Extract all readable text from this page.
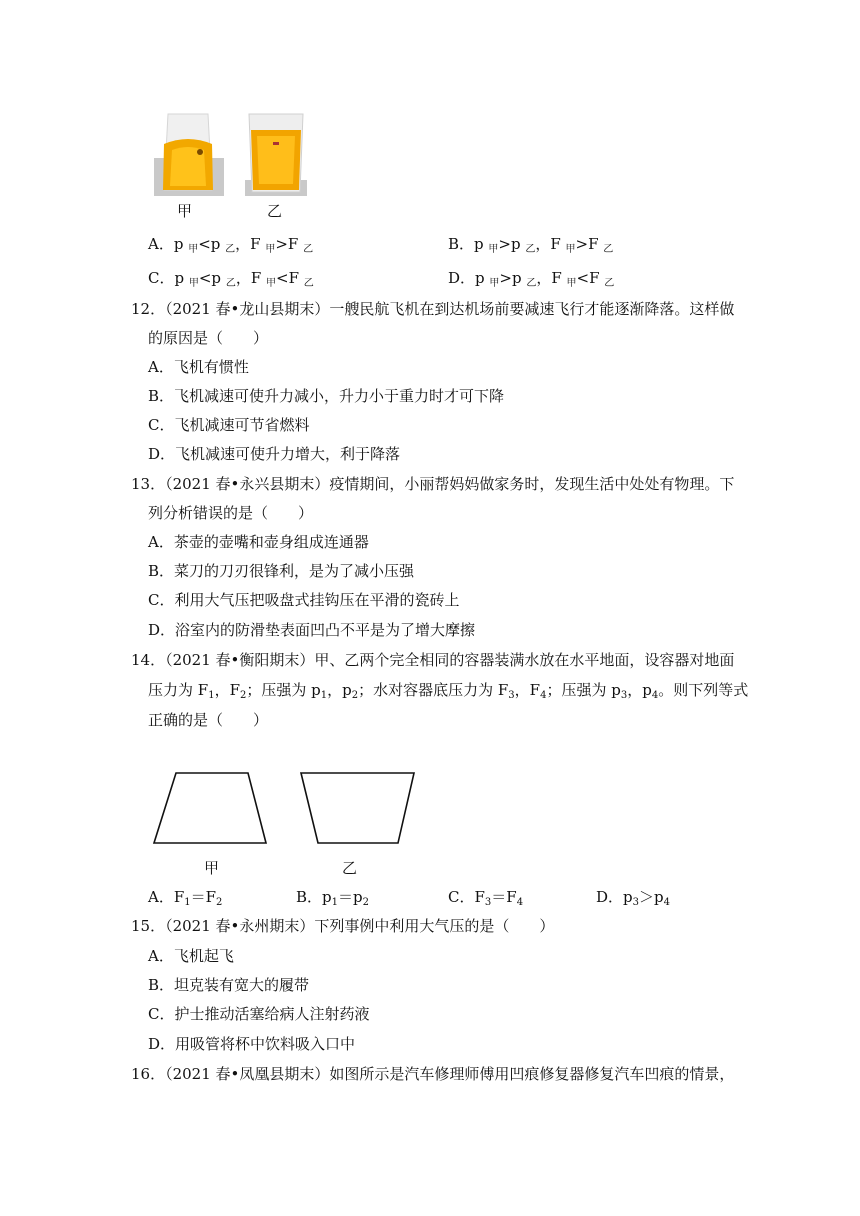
甲	乙
A．p $_甲$<p $_乙$，F $_甲$>F $_乙$	B．p $_甲$>p $_乙$，F $_甲$>F $_乙$
C．p $_甲$<p $_乙$，F $_甲$<F $_乙$	D．p $_甲$>p $_乙$，F $_甲$<F $_乙$
12．（2021 春•龙山县期末）一艘民航飞机在到达机场前要减速飞行才能逐渐降落。这样做
的原因是（　　）
A．飞机有惯性
B．飞机减速可使升力减小，升力小于重力时才可下降
C．飞机减速可节省燃料
D．飞机减速可使升力增大，利于降落
13．（2021 春•永兴县期末）疫情期间，小丽帮妈妈做家务时，发现生活中处处有物理。下
列分析错误的是（　　）
A．茶壶的壶嘴和壶身组成连通器
B．菜刀的刀刃很锋利，是为了减小压强
C．利用大气压把吸盘式挂钩压在平滑的瓷砖上
D．浴室内的防滑垫表面凹凸不平是为了增大摩擦
14．（2021 春•衡阳期末）甲、乙两个完全相同的容器装满水放在水平地面，设容器对地面
压力为 $F_1$，$F_2$；压强为 $p_1$，$p_2$；水对容器底压力为 $F_3$，$F_4$；压强为 $p_3$，$p_4$。则下列等式
正确的是（　　）
甲	乙
A．$F_1=F_2$	B．$p_1=p_2$	C．$F_3=F_4$	D．$p_3>p_4$
15．（2021 春•永州期末）下列事例中利用大气压的是（　　）
A．飞机起飞
B．坦克装有宽大的履带
C．护士推动活塞给病人注射药液
D．用吸管将杯中饮料吸入口中
16．（2021 春•凤凰县期末）如图所示是汽车修理师傅用凹痕修复器修复汽车凹痕的情景，
